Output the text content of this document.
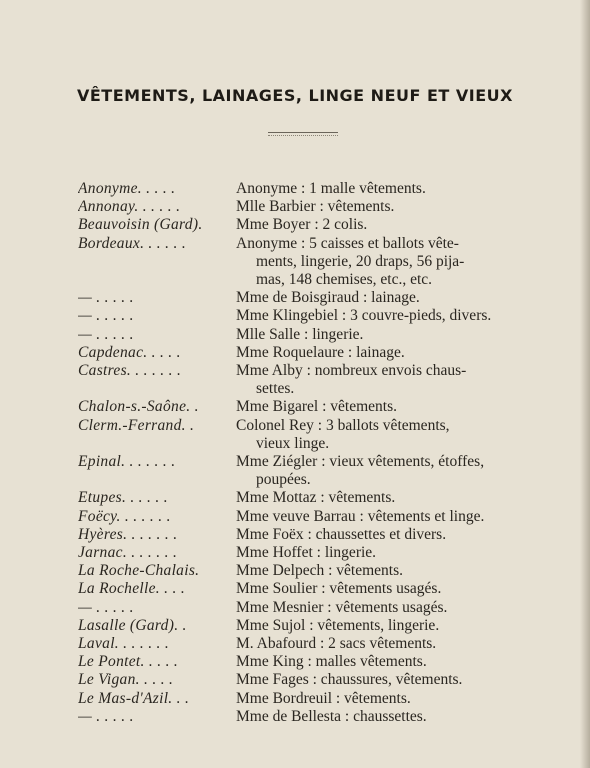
VÊTEMENTS, LAINAGES, LINGE NEUF ET VIEUX
Anonyme. . . . .	Anonyme : 1 malle vêtements.
Annonay. . . . . .	Mlle Barbier : vêtements.
Beauvoisin (Gard).	Mme Boyer : 2 colis.
Bordeaux. . . . . .	Anonyme : 5 caisses et ballots vête-
ments, lingerie, 20 draps, 56 pija-
mas, 148 chemises, etc., etc.
— . . . . .	Mme de Boisgiraud : lainage.
— . . . . .	Mme Klingebiel : 3 couvre-pieds, divers.
— . . . . .	Mlle Salle : lingerie.
Capdenac. . . . .	Mme Roquelaure : lainage.
Castres. . . . . . .	Mme Alby : nombreux envois chaus-
settes.
Chalon-s.-Saône. .	Mme Bigarel : vêtements.
Clerm.-Ferrand. .	Colonel Rey : 3 ballots vêtements,
vieux linge.
Epinal. . . . . . .	Mme Ziégler : vieux vêtements, étoffes,
poupées.
Etupes. . . . . .	Mme Mottaz : vêtements.
Foëcy. . . . . . .	Mme veuve Barrau : vêtements et linge.
Hyères. . . . . . .	Mme Foëx : chaussettes et divers.
Jarnac. . . . . . .	Mme Hoffet : lingerie.
La Roche-Chalais.	Mme Delpech : vêtements.
La Rochelle. . . .	Mme Soulier : vêtements usagés.
— . . . . .	Mme Mesnier : vêtements usagés.
Lasalle (Gard). .	Mme Sujol : vêtements, lingerie.
Laval. . . . . . .	M. Abafourd : 2 sacs vêtements.
Le Pontet. . . . .	Mme King : malles vêtements.
Le Vigan. . . . .	Mme Fages : chaussures, vêtements.
Le Mas-d'Azil. . .	Mme Bordreuil : vêtements.
— . . . . .	Mme de Bellesta : chaussettes.
